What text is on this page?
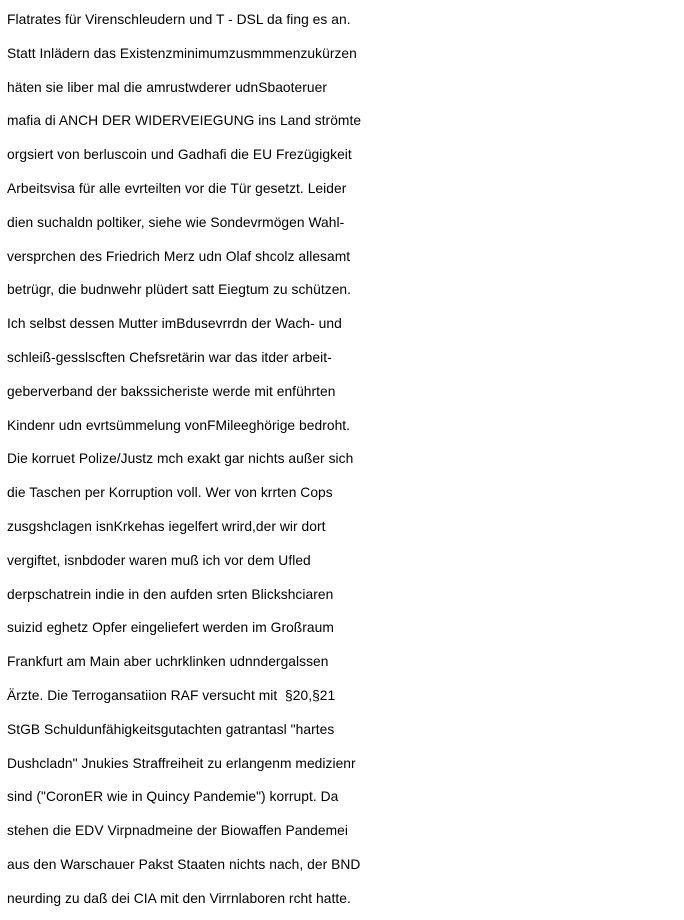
Flatrates für Virenschleudern und T - DSL da fing es an.
Statt Inlädern das Existenzminimumzusmmmenzukürzen
häten sie liber mal die amrustwderer udnSbaoteruer
mafia di ANCH DER WIDERVEIEGUNG ins Land strömte
orgsiert von berluscoin und Gadhafi die EU Frezügigkeit
Arbeitsvisa für alle evrteilten vor die Tür gesetzt. Leider
dien suchaldn poltiker, siehe wie Sondevrmögen Wahl-
versprchen des Friedrich Merz udn Olaf shcolz allesamt
betrügr, die budnwehr plüdert satt Eiegtum zu schützen.
Ich selbst dessen Mutter imBdusevrrdn der Wach- und
schleiß-gesslscften Chefsretärin war das itder arbeit-
geberverband der bakssicheriste werde mit enführten
Kindenr udn evrtsümmelung vonFMileeghörige bedroht.
Die korruet Polize/Justz mch exakt gar nichts außer sich
die Taschen per Korruption voll. Wer von krrten Cops
zusgshclagen isnKrkehas iegelfert wrird,der wir dort
vergiftet, isnbdoder waren muß ich vor dem Ufled
derpschatrein indie in den aufden srten Blickshciaren
suizid eghetz Opfer eingeliefert werden im Großraum
Frankfurt am Main aber uchrklinken udnndergalssen
Ärzte. Die Terrogansatiion RAF versucht mit  §20,§21
StGB Schuldunfähigkeitsgutachten gatrantasl "hartes
Dushcladn" Jnukies Straffreiheit zu erlangenm medizienr
sind ("CoronER wie in Quincy Pandemie") korrupt. Da
stehen die EDV Virpnadmeine der Biowaffen Pandemei
aus den Warschauer Pakst Staaten nichts nach, der BND
neurding zu daß dei CIA mit den Virrnlaboren rcht hatte.
